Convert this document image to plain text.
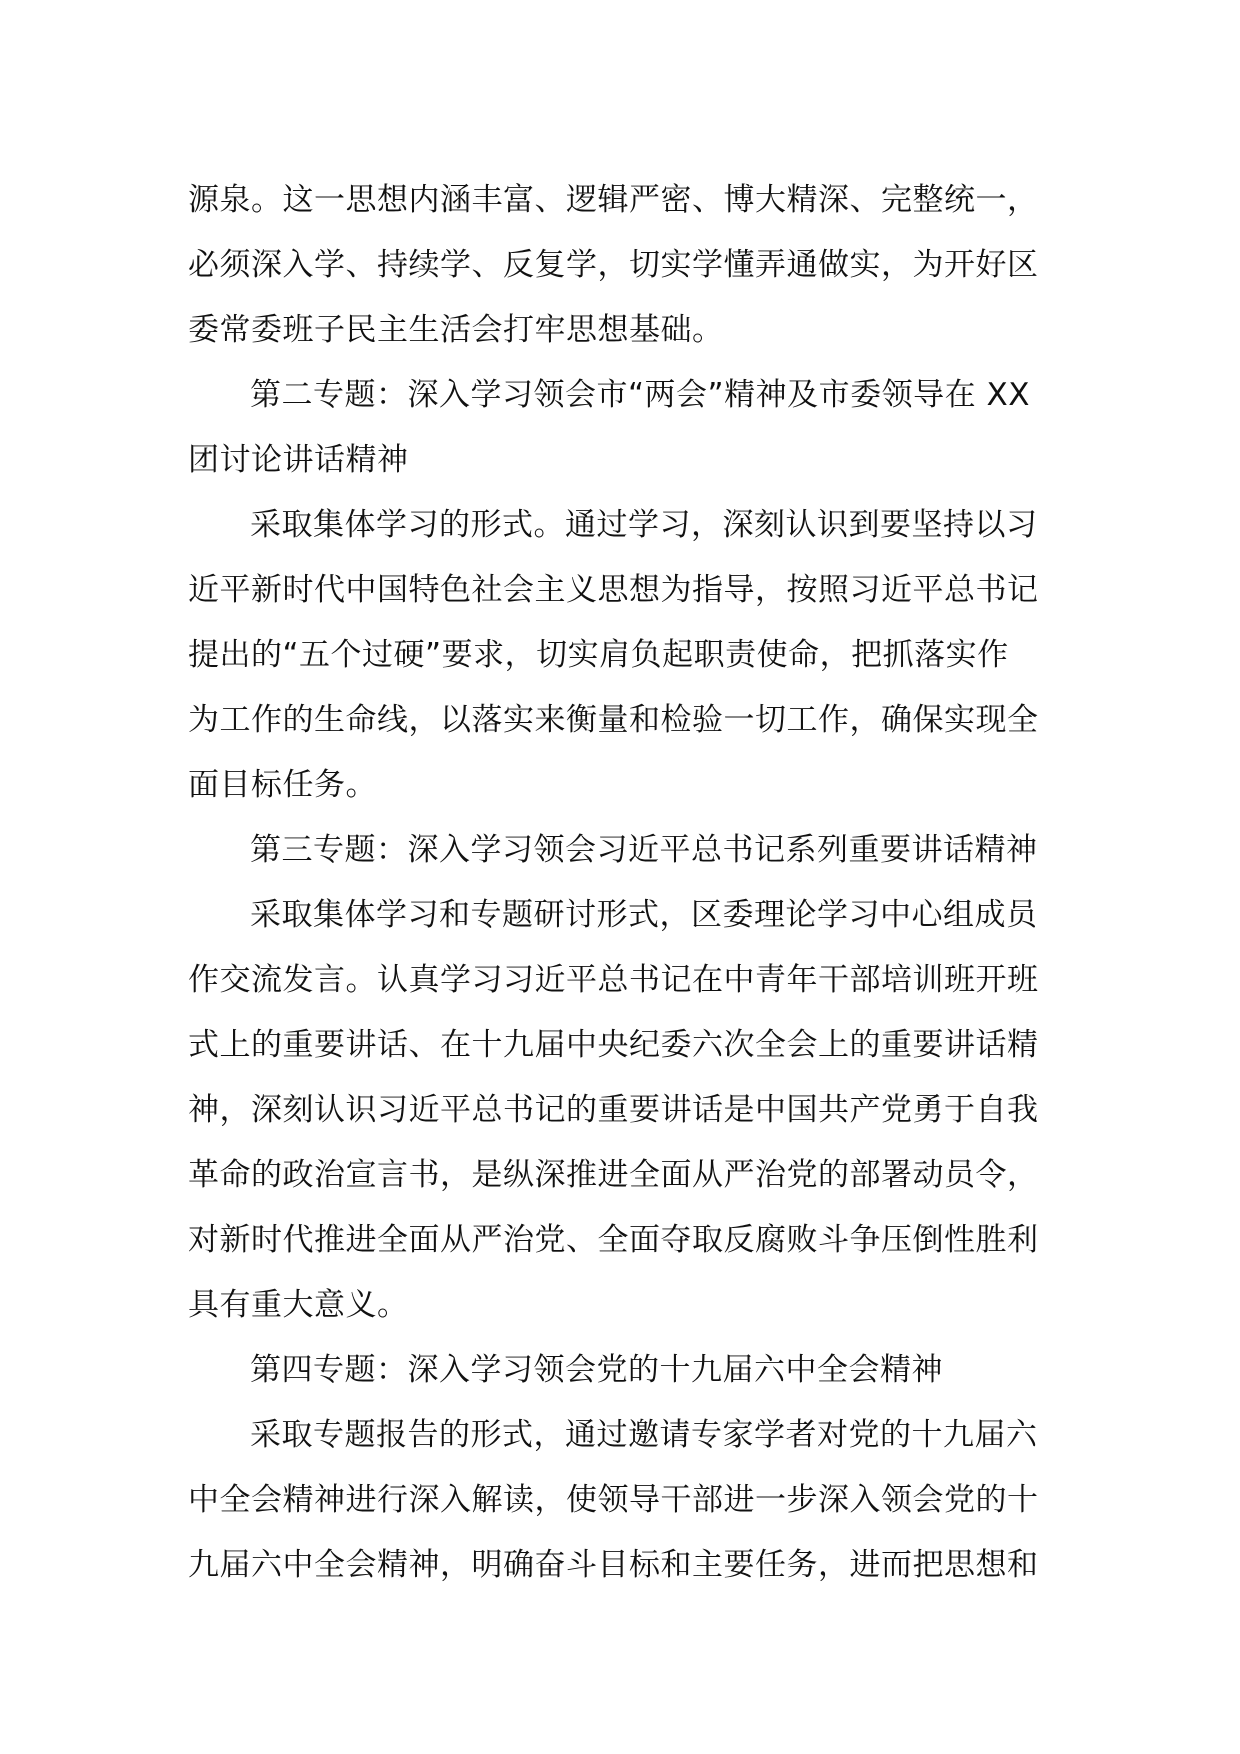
源泉。这一思想内涵丰富、逻辑严密、博大精深、完整统一，
必须深入学、持续学、反复学，切实学懂弄通做实，为开好区
委常委班子民主生活会打牢思想基础。
第二专题：深入学习领会市“两会”精神及市委领导在 XX
团讨论讲话精神
采取集体学习的形式。通过学习，深刻认识到要坚持以习
近平新时代中国特色社会主义思想为指导，按照习近平总书记
提出的“五个过硬”要求，切实肩负起职责使命，把抓落实作
为工作的生命线，以落实来衡量和检验一切工作，确保实现全
面目标任务。
第三专题：深入学习领会习近平总书记系列重要讲话精神
采取集体学习和专题研讨形式，区委理论学习中心组成员
作交流发言。认真学习习近平总书记在中青年干部培训班开班
式上的重要讲话、在十九届中央纪委六次全会上的重要讲话精
神，深刻认识习近平总书记的重要讲话是中国共产党勇于自我
革命的政治宣言书，是纵深推进全面从严治党的部署动员令，
对新时代推进全面从严治党、全面夺取反腐败斗争压倒性胜利
具有重大意义。
第四专题：深入学习领会党的十九届六中全会精神
采取专题报告的形式，通过邀请专家学者对党的十九届六
中全会精神进行深入解读，使领导干部进一步深入领会党的十
九届六中全会精神，明确奋斗目标和主要任务，进而把思想和
